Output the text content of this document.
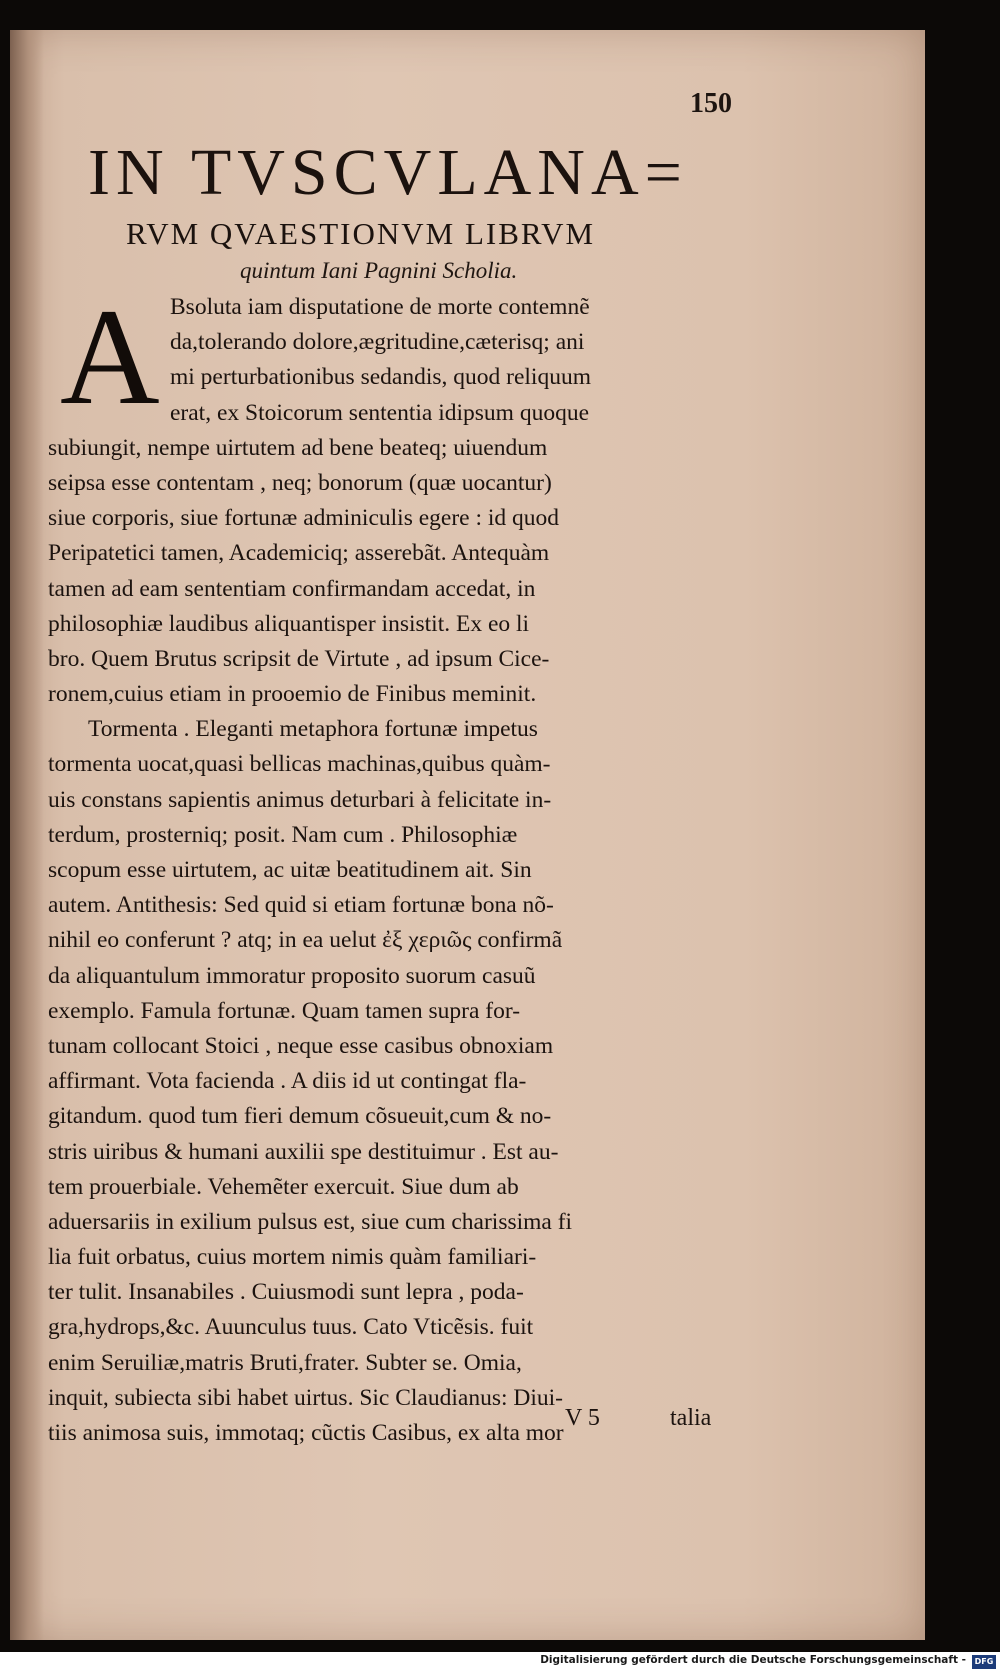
150
IN TVSCVLANA=
RVM QVAESTIONVM LIBRVM
quintum Iani Pagnini Scholia.
A Bsoluta iam disputatione de morte contemnẽ
da,tolerando dolore,ægritudine,cæterisq; ani
mi perturbationibus sedandis, quod reliquum
erat, ex Stoicorum sententia idipsum quoque
subiungit, nempe uirtutem ad bene beateq; uiuendum
seipsa esse contentam , neq; bonorum (quæ uocantur)
siue corporis, siue fortunæ adminiculis egere : id quod
Peripatetici tamen, Academiciq; asserebãt. Antequàm
tamen ad eam sententiam confirmandam accedat, in
philosophiæ laudibus aliquantisper insistit. Ex eo li
bro. Quem Brutus scripsit de Virtute , ad ipsum Cice-
ronem,cuius etiam in prooemio de Finibus meminit.
Tormenta . Eleganti metaphora fortunæ impetus
tormenta uocat,quasi bellicas machinas,quibus quàm-
uis constans sapientis animus deturbari à felicitate in-
terdum, prosterniq; posit. Nam cum . Philosophiæ
scopum esse uirtutem, ac uitæ beatitudinem ait. Sin
autem. Antithesis: Sed quid si etiam fortunæ bona nõ-
nihil eo conferunt ? atq; in ea uelut ἐξ χεριῶς confirmã
da aliquantulum immoratur proposito suorum casuũ
exemplo. Famula fortunæ. Quam tamen supra for-
tunam collocant Stoici , neque esse casibus obnoxiam
affirmant. Vota facienda . A diis id ut contingat fla-
gitandum. quod tum fieri demum cõsueuit,cum & no-
stris uiribus & humani auxilii spe destituimur . Est au-
tem prouerbiale. Vehemẽter exercuit. Siue dum ab
aduersariis in exilium pulsus est, siue cum charissima fi
lia fuit orbatus, cuius mortem nimis quàm familiari-
ter tulit. Insanabiles . Cuiusmodi sunt lepra , poda-
gra,hydrops,&c. Auunculus tuus. Cato Vticẽsis. fuit
enim Seruiliæ,matris Bruti,frater. Subter se. Omia,
inquit, subiecta sibi habet uirtus. Sic Claudianus: Diui-
tiis animosa suis, immotaq; cũctis Casibus, ex alta mor
V 5	talia
Digitalisierung gefördert durch die Deutsche Forschungsgemeinschaft -	DFG
